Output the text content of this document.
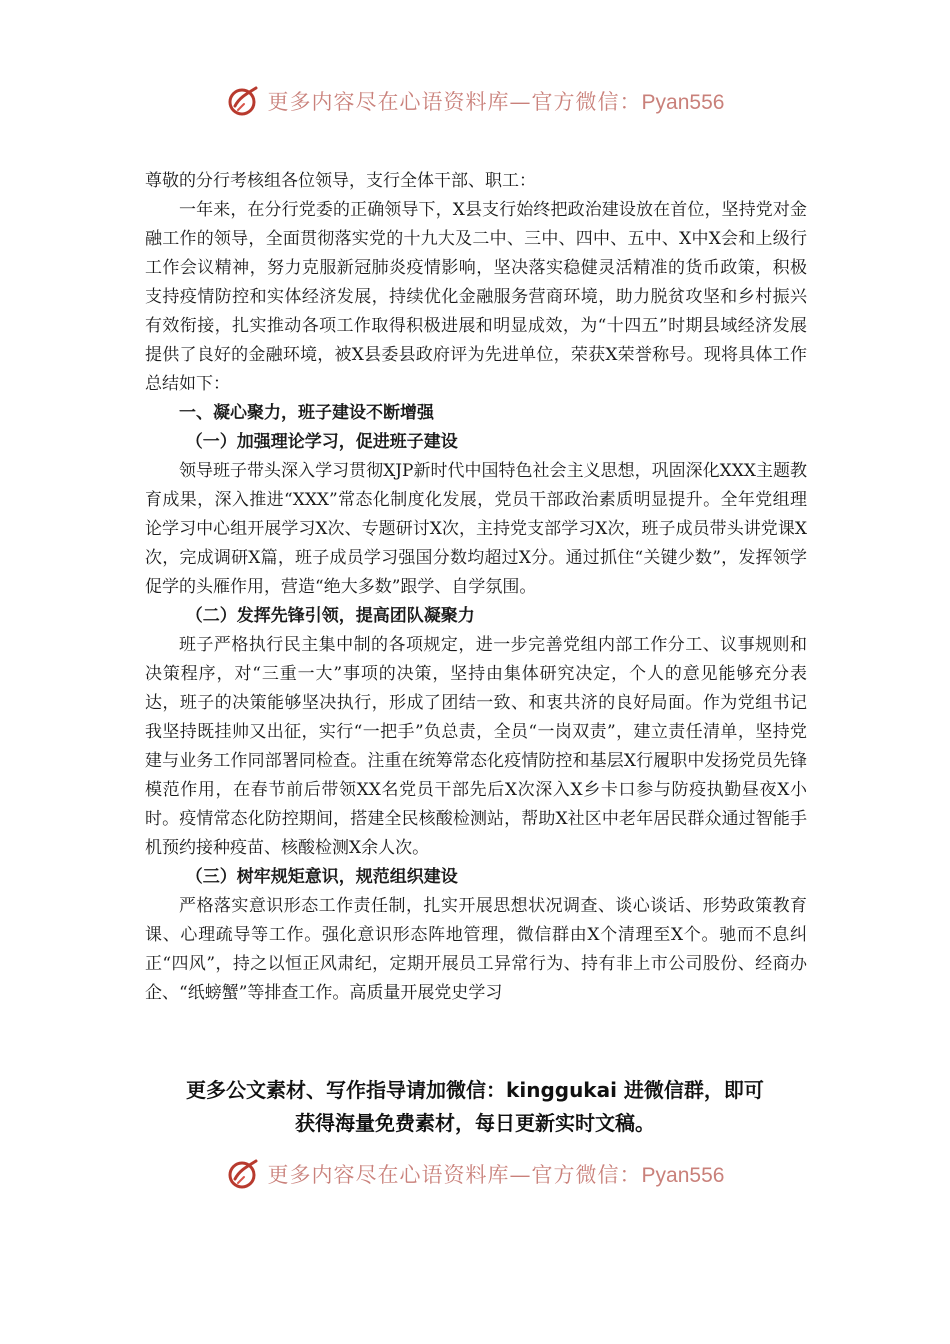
更多内容尽在心语资料库—官方微信：Pyan556

尊敬的分行考核组各位领导，支行全体干部、职工：

一年来，在分行党委的正确领导下，X县支行始终把政治建设放在首位，坚持党对金融工作的领导，全面贯彻落实党的十九大及二中、三中、四中、五中、X中X会和上级行工作会议精神，努力克服新冠肺炎疫情影响，坚决落实稳健灵活精准的货币政策，积极支持疫情防控和实体经济发展，持续优化金融服务营商环境，助力脱贫攻坚和乡村振兴有效衔接，扎实推动各项工作取得积极进展和明显成效，为“十四五”时期县域经济发展提供了良好的金融环境，被X县委县政府评为先进单位，荣获X荣誉称号。现将具体工作总结如下：

一、凝心聚力，班子建设不断增强
（一）加强理论学习，促进班子建设

领导班子带头深入学习贯彻XJP新时代中国特色社会主义思想，巩固深化XXX主题教育成果，深入推进“XXX”常态化制度化发展，党员干部政治素质明显提升。全年党组理论学习中心组开展学习X次、专题研讨X次，主持党支部学习X次，班子成员带头讲党课X次，完成调研X篇，班子成员学习强国分数均超过X分。通过抓住“关键少数”，发挥领学促学的头雁作用，营造“绝大多数”跟学、自学氛围。

（二）发挥先锋引领，提高团队凝聚力

班子严格执行民主集中制的各项规定，进一步完善党组内部工作分工、议事规则和决策程序，对“三重一大”事项的决策，坚持由集体研究决定，个人的意见能够充分表达，班子的决策能够坚决执行，形成了团结一致、和衷共济的良好局面。作为党组书记我坚持既挂帅又出征，实行“一把手”负总责，全员“一岗双责”，建立责任清单，坚持党建与业务工作同部署同检查。注重在统筹常态化疫情防控和基层X行履职中发扬党员先锋模范作用，在春节前后带领XX名党员干部先后X次深入X乡卡口参与防疫执勤昼夜X小时。疫情常态化防控期间，搭建全民核酸检测站，帮助X社区中老年居民群众通过智能手机预约接种疫苗、核酸检测X余人次。

（三）树牢规矩意识，规范组织建设

严格落实意识形态工作责任制，扎实开展思想状况调查、谈心谈话、形势政策教育课、心理疏导等工作。强化意识形态阵地管理，微信群由X个清理至X个。驰而不息纠正“四风”，持之以恒正风肃纪，定期开展员工异常行为、持有非上市公司股份、经商办企、“纸螃蟹”等排查工作。高质量开展党史学习

更多公文素材、写作指导请加微信：kinggukai 进微信群，即可
获得海量免费素材，每日更新实时文稿。
更多内容尽在心语资料库—官方微信：Pyan556
